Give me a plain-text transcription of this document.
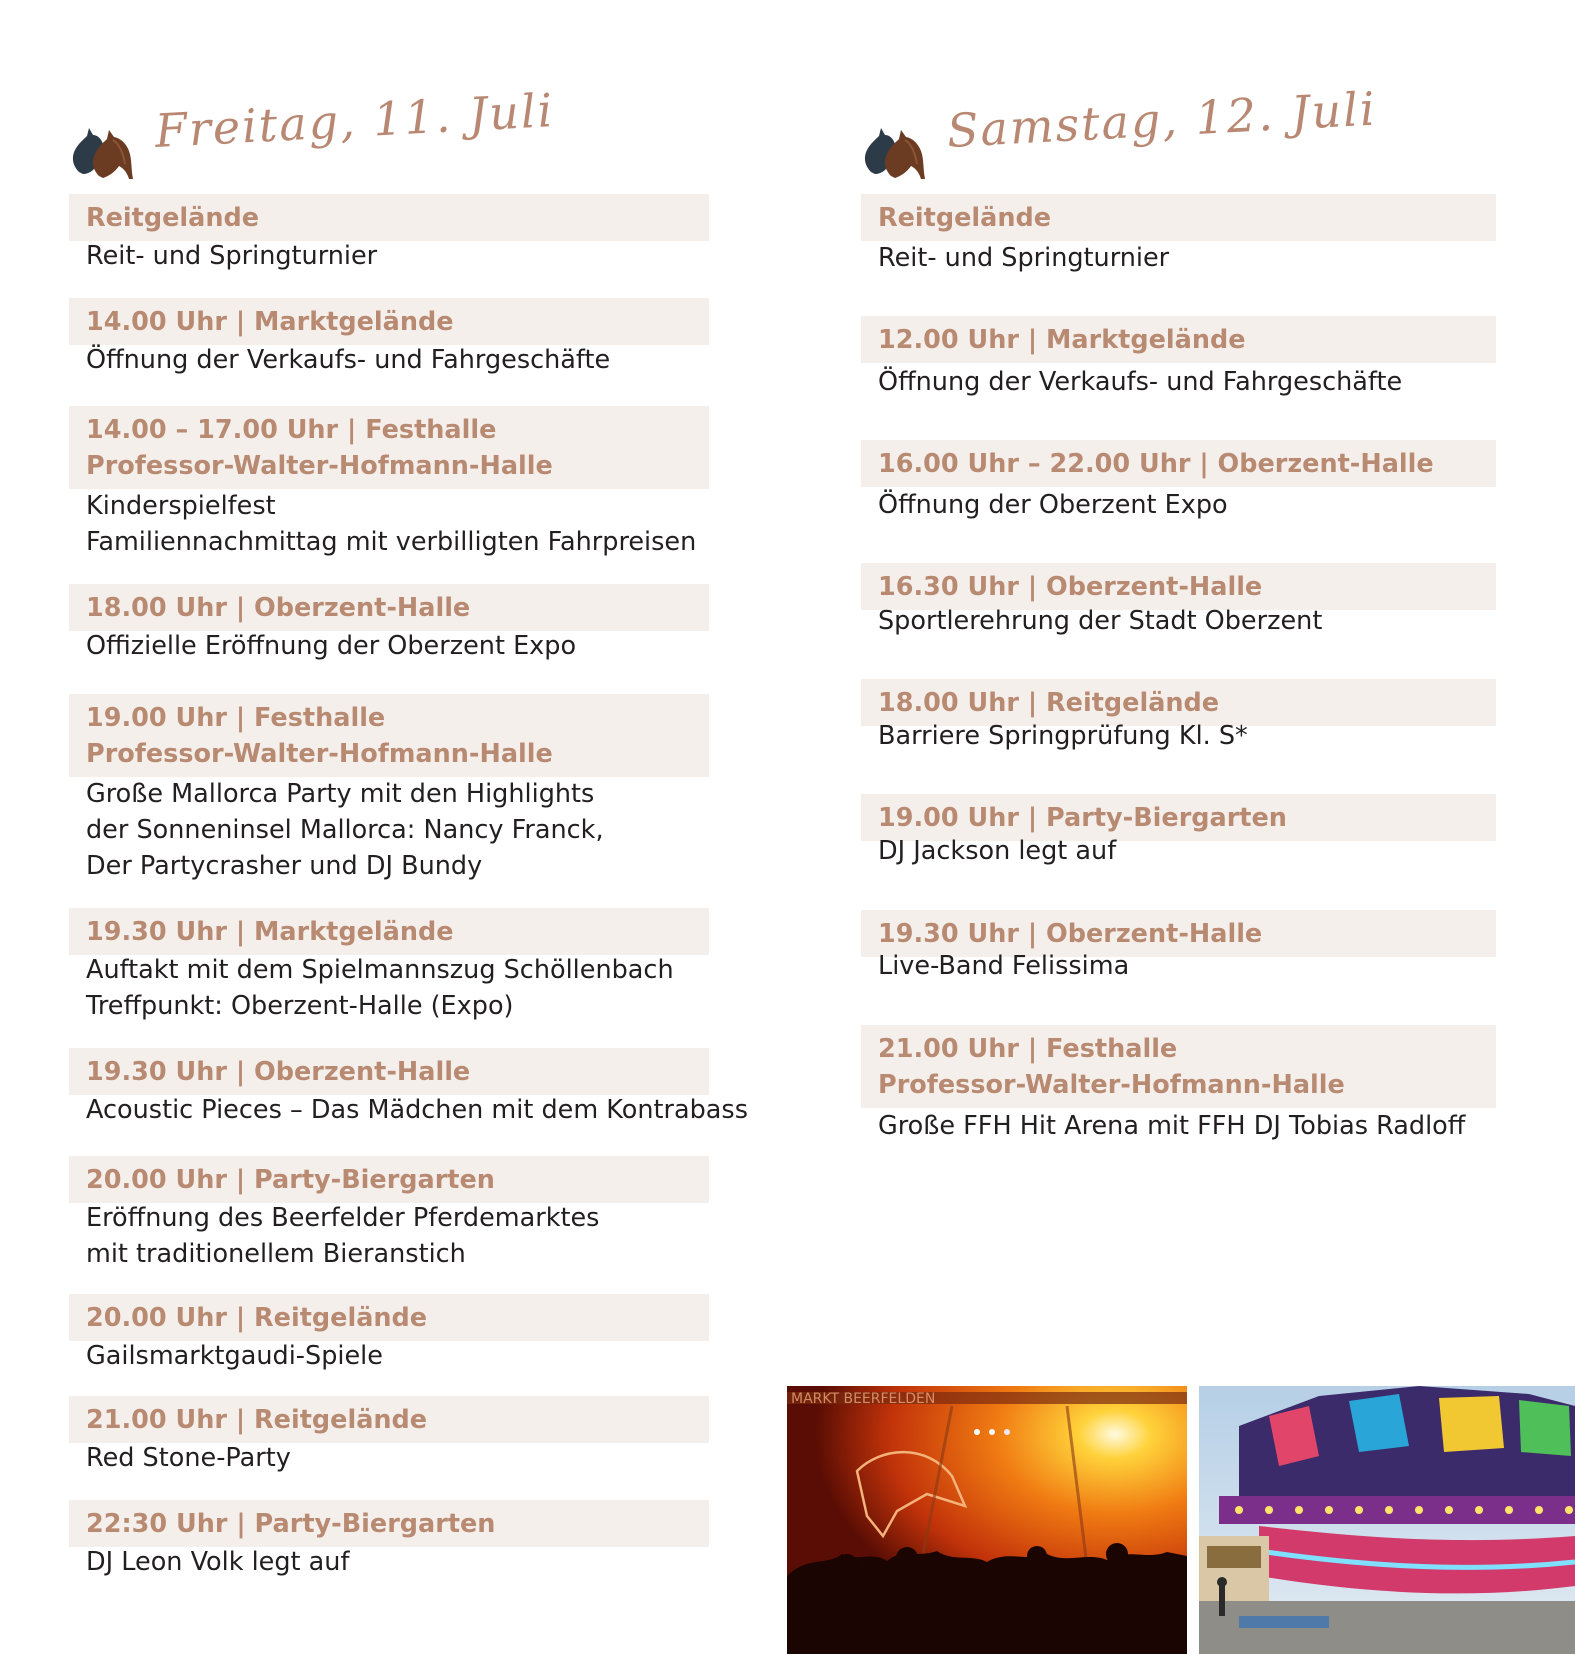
Freitag, 11. Juli
Reitgelände
Reit- und Springturnier
14.00 Uhr | Marktgelände
Öffnung der Verkaufs- und Fahrgeschäfte
14.00 – 17.00 Uhr | Festhalle
Professor-Walter-Hofmann-Halle
Kinderspielfest
Familiennachmittag mit verbilligten Fahrpreisen
18.00 Uhr | Oberzent-Halle
Offizielle Eröffnung der Oberzent Expo
19.00 Uhr | Festhalle
Professor-Walter-Hofmann-Halle
Große Mallorca Party mit den Highlights
der Sonneninsel Mallorca: Nancy Franck,
Der Partycrasher und DJ Bundy
19.30 Uhr | Marktgelände
Auftakt mit dem Spielmannszug Schöllenbach
Treffpunkt: Oberzent-Halle (Expo)
19.30 Uhr | Oberzent-Halle
Acoustic Pieces – Das Mädchen mit dem Kontrabass
20.00 Uhr | Party-Biergarten
Eröffnung des Beerfelder Pferdemarktes
mit traditionellem Bieranstich
20.00 Uhr | Reitgelände
Gailsmarktgaudi-Spiele
21.00 Uhr | Reitgelände
Red Stone-Party
22:30 Uhr | Party-Biergarten
DJ Leon Volk legt auf
Samstag, 12. Juli
Reitgelände
Reit- und Springturnier
12.00 Uhr | Marktgelände
Öffnung der Verkaufs- und Fahrgeschäfte
16.00 Uhr – 22.00 Uhr | Oberzent-Halle
Öffnung der Oberzent Expo
16.30 Uhr | Oberzent-Halle
Sportlerehrung der Stadt Oberzent
18.00 Uhr | Reitgelände
Barriere Springprüfung Kl. S*
19.00 Uhr | Party-Biergarten
DJ Jackson legt auf
19.30 Uhr | Oberzent-Halle
Live-Band Felissima
21.00 Uhr | Festhalle
Professor-Walter-Hofmann-Halle
Große FFH Hit Arena mit FFH DJ Tobias Radloff
MARKT BEERFELDEN
